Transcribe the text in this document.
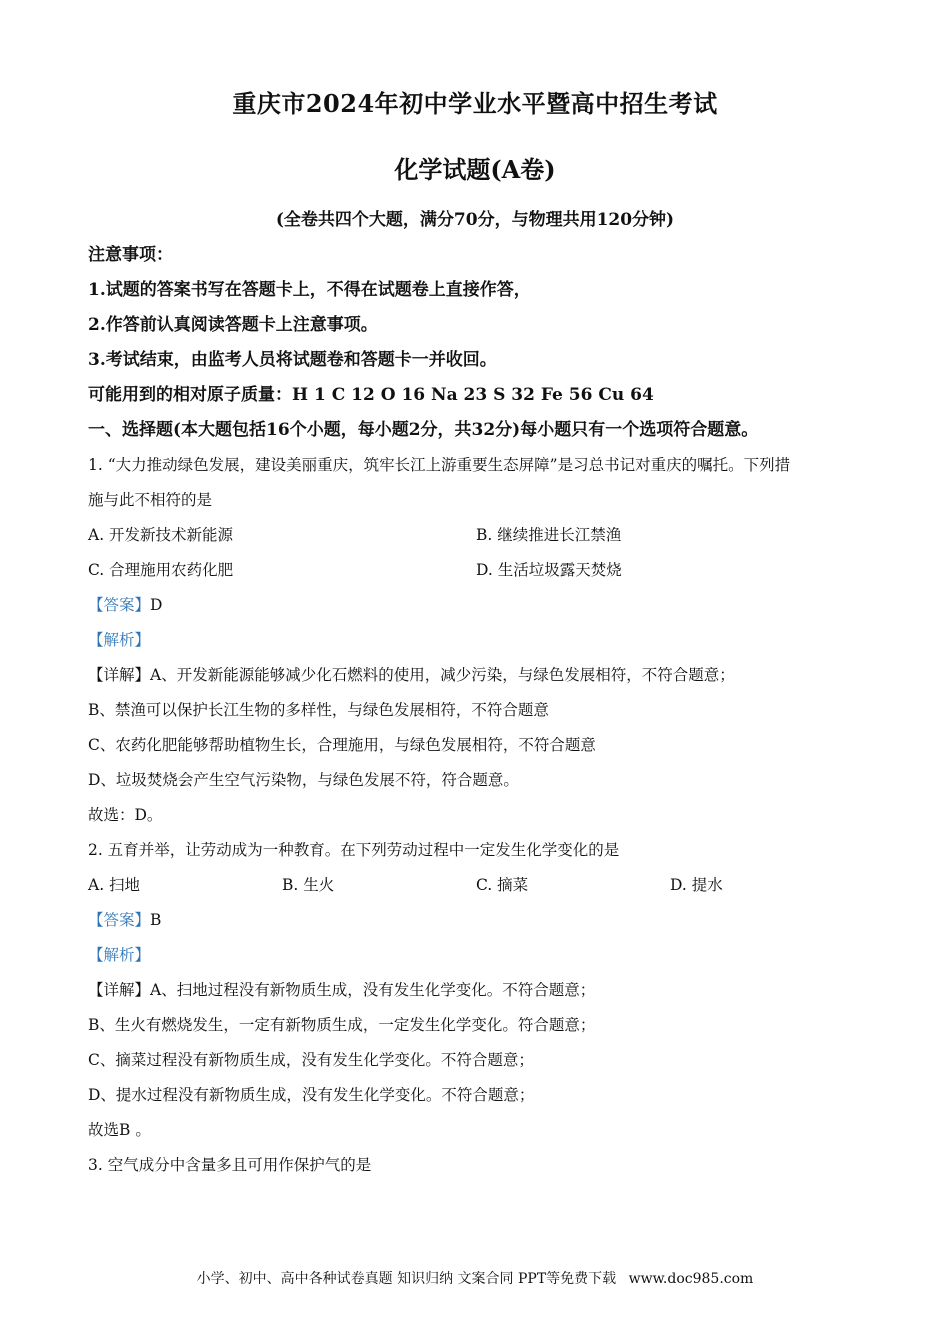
重庆市2024年初中学业水平暨高中招生考试
化学试题(A卷)
(全卷共四个大题，满分70分，与物理共用120分钟)
注意事项：
1.试题的答案书写在答题卡上，不得在试题卷上直接作答，
2.作答前认真阅读答题卡上注意事项。
3.考试结束，由监考人员将试题卷和答题卡一并收回。
可能用到的相对原子质量：H 1 C 12 O 16 Na 23 S 32 Fe 56 Cu 64
一、选择题(本大题包括16个小题，每小题2分，共32分)每小题只有一个选项符合题意。
1. “大力推动绿色发展，建设美丽重庆，筑牢长江上游重要生态屏障”是习总书记对重庆的嘱托。下列措
施与此不相符的是
A. 开发新技术新能源	B. 继续推进长江禁渔
C. 合理施用农药化肥	D. 生活垃圾露天焚烧
【答案】D
【解析】
【详解】A、开发新能源能够减少化石燃料的使用，减少污染，与绿色发展相符，不符合题意；
B、禁渔可以保护长江生物的多样性，与绿色发展相符，不符合题意
C、农药化肥能够帮助植物生长，合理施用，与绿色发展相符，不符合题意
D、垃圾焚烧会产生空气污染物，与绿色发展不符，符合题意。
故选：D。
2. 五育并举，让劳动成为一种教育。在下列劳动过程中一定发生化学变化的是
A. 扫地	B. 生火	C. 摘菜	D. 提水
【答案】B
【解析】
【详解】A、扫地过程没有新物质生成，没有发生化学变化。不符合题意；
B、生火有燃烧发生，一定有新物质生成，一定发生化学变化。符合题意；
C、摘菜过程没有新物质生成，没有发生化学变化。不符合题意；
D、提水过程没有新物质生成，没有发生化学变化。不符合题意；
故选B 。
3. 空气成分中含量多且可用作保护气的是
小学、初中、高中各种试卷真题 知识归纳 文案合同 PPT等免费下载 www.doc985.com
